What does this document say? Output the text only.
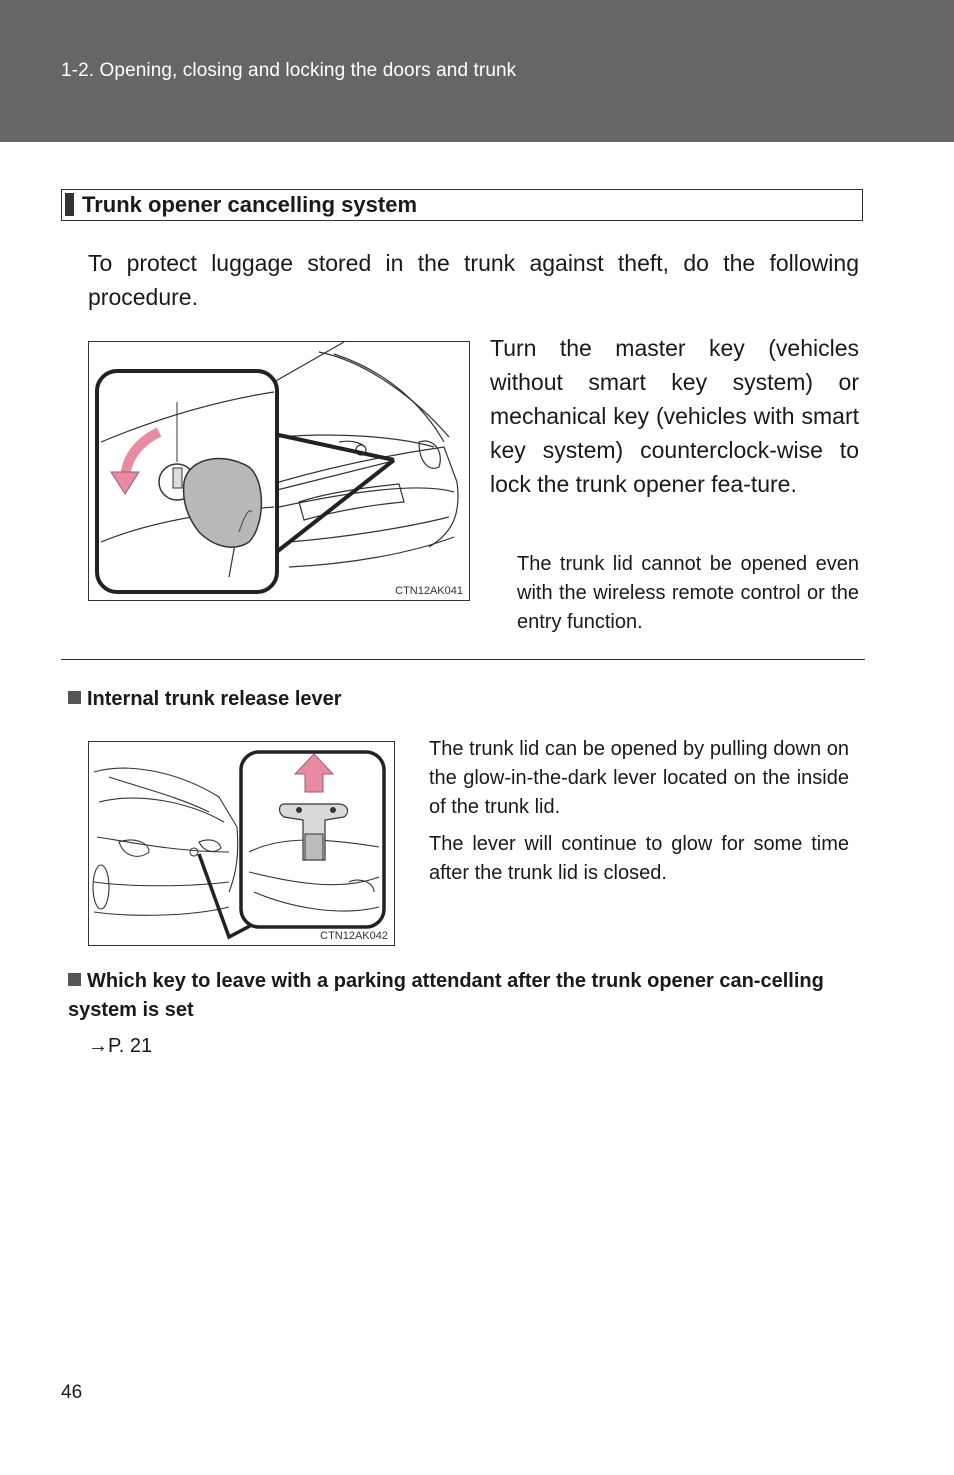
1-2. Opening, closing and locking the doors and trunk
Trunk opener cancelling system
To protect luggage stored in the trunk against theft, do the following procedure.
CTN12AK041
Turn the master key (vehicles without smart key system) or mechanical key (vehicles with smart key system) counterclock-wise to lock the trunk opener fea-ture.
The trunk lid cannot be opened even with the wireless remote control or the entry function.
Internal trunk release lever
CTN12AK042
The trunk lid can be opened by pulling down on the glow-in-the-dark lever located on the inside of the trunk lid.
The lever will continue to glow for some time after the trunk lid is closed.
Which key to leave with a parking attendant after the trunk opener can-celling system is set
→P. 21
46
